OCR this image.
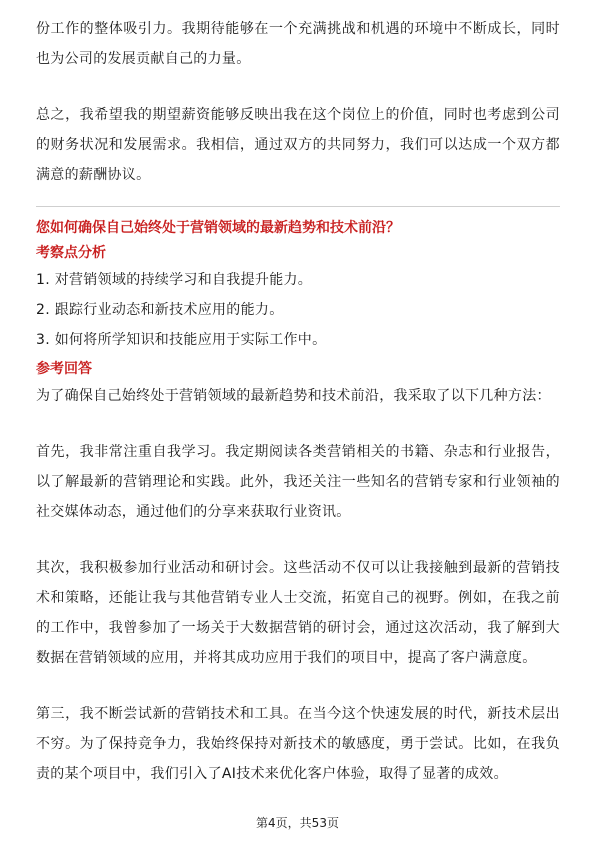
份工作的整体吸引力。我期待能够在一个充满挑战和机遇的环境中不断成长，同时也为公司的发展贡献自己的力量。

总之，我希望我的期望薪资能够反映出我在这个岗位上的价值，同时也考虑到公司的财务状况和发展需求。我相信，通过双方的共同努力，我们可以达成一个双方都满意的薪酬协议。

您如何确保自己始终处于营销领域的最新趋势和技术前沿？
考察点分析
1. 对营销领域的持续学习和自我提升能力。
2. 跟踪行业动态和新技术应用的能力。
3. 如何将所学知识和技能应用于实际工作中。
参考回答

为了确保自己始终处于营销领域的最新趋势和技术前沿，我采取了以下几种方法：

首先，我非常注重自我学习。我定期阅读各类营销相关的书籍、杂志和行业报告，以了解最新的营销理论和实践。此外，我还关注一些知名的营销专家和行业领袖的社交媒体动态，通过他们的分享来获取行业资讯。

其次，我积极参加行业活动和研讨会。这些活动不仅可以让我接触到最新的营销技术和策略，还能让我与其他营销专业人士交流，拓宽自己的视野。例如，在我之前的工作中，我曾参加了一场关于大数据营销的研讨会，通过这次活动，我了解到大数据在营销领域的应用，并将其成功应用于我们的项目中，提高了客户满意度。

第三，我不断尝试新的营销技术和工具。在当今这个快速发展的时代，新技术层出不穷。为了保持竞争力，我始终保持对新技术的敏感度，勇于尝试。比如，在我负责的某个项目中，我们引入了AI技术来优化客户体验，取得了显著的成效。

第4页，共53页
